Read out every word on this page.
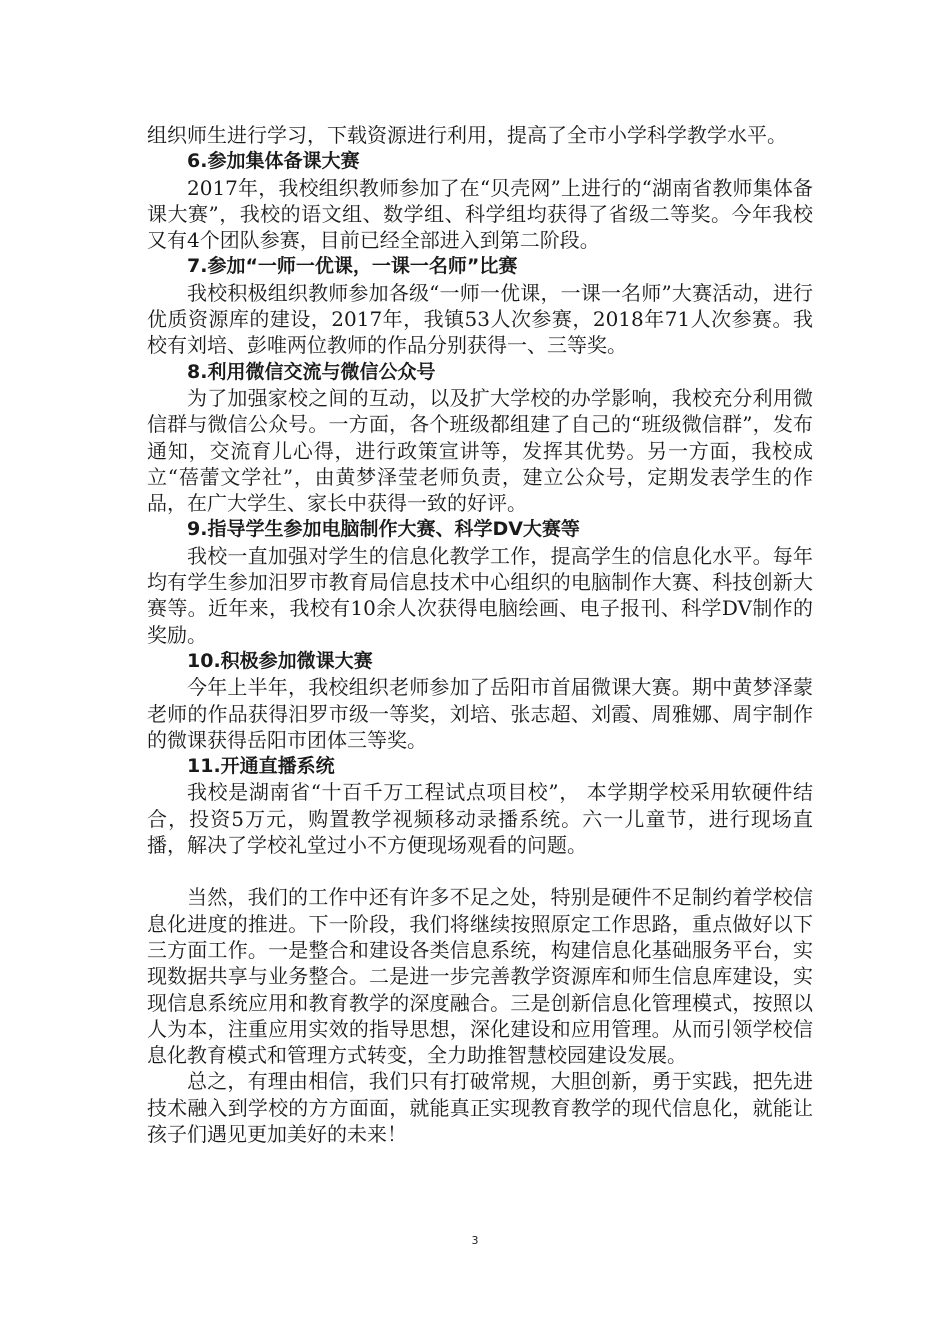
组织师生进行学习，下载资源进行利用，提高了全市小学科学教学水平。

6.参加集体备课大赛

2017年，我校组织教师参加了在“贝壳网”上进行的“湖南省教师集体备课大赛”，我校的语文组、数学组、科学组均获得了省级二等奖。今年我校又有4个团队参赛，目前已经全部进入到第二阶段。

7.参加“一师一优课，一课一名师”比赛

我校积极组织教师参加各级“一师一优课，一课一名师”大赛活动，进行优质资源库的建设，2017年，我镇53人次参赛，2018年71人次参赛。我校有刘培、彭唯两位教师的作品分别获得一、三等奖。

8.利用微信交流与微信公众号

为了加强家校之间的互动，以及扩大学校的办学影响，我校充分利用微信群与微信公众号。一方面，各个班级都组建了自己的“班级微信群”，发布通知，交流育儿心得，进行政策宣讲等，发挥其优势。另一方面，我校成立“蓓蕾文学社”，由黄梦泽莹老师负责，建立公众号，定期发表学生的作品，在广大学生、家长中获得一致的好评。

9.指导学生参加电脑制作大赛、科学DV大赛等

我校一直加强对学生的信息化教学工作，提高学生的信息化水平。每年均有学生参加汨罗市教育局信息技术中心组织的电脑制作大赛、科技创新大赛等。近年来，我校有10余人次获得电脑绘画、电子报刊、科学DV制作的奖励。

10.积极参加微课大赛

今年上半年，我校组织老师参加了岳阳市首届微课大赛。期中黄梦泽蒙老师的作品获得汨罗市级一等奖，刘培、张志超、刘霞、周雅娜、周宇制作的微课获得岳阳市团体三等奖。

11.开通直播系统

我校是湖南省“十百千万工程试点项目校”， 本学期学校采用软硬件结合，投资5万元，购置教学视频移动录播系统。六一儿童节，进行现场直播，解决了学校礼堂过小不方便现场观看的问题。

当然，我们的工作中还有许多不足之处，特别是硬件不足制约着学校信息化进度的推进。下一阶段，我们将继续按照原定工作思路，重点做好以下三方面工作。一是整合和建设各类信息系统，构建信息化基础服务平台，实现数据共享与业务整合。二是进一步完善教学资源库和师生信息库建设，实现信息系统应用和教育教学的深度融合。三是创新信息化管理模式，按照以人为本，注重应用实效的指导思想，深化建设和应用管理。从而引领学校信息化教育模式和管理方式转变，全力助推智慧校园建设发展。

总之，有理由相信，我们只有打破常规，大胆创新，勇于实践，把先进技术融入到学校的方方面面，就能真正实现教育教学的现代信息化，就能让孩子们遇见更加美好的未来！

3
